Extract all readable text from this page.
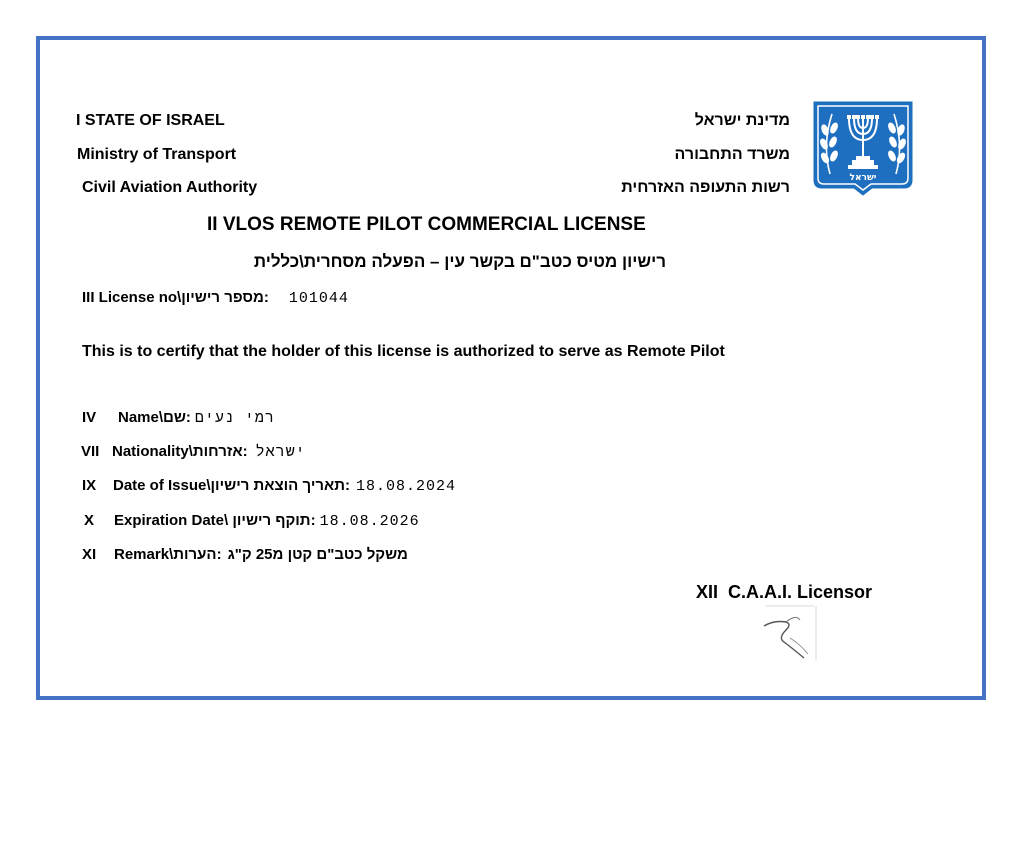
I STATE OF ISRAEL
Ministry of Transport
Civil Aviation Authority
מדינת ישראל
משרד התחבורה
רשות התעופה האזרחית
ישראל
II VLOS REMOTE PILOT COMMERCIAL LICENSE
רישיון מטיס כטב"ם בקשר עין – הפעלה מסחרית\כללית
III License no\מספר רישיון: 101044
This is to certify that the holder of this license is authorized to serve as Remote Pilot
IV	Name\שם: רמי נעים
VII Nationality\אזרחות: ישראל
IX	Date of Issue\תאריך הוצאת רישיון: 18.08.2024
X	Expiration Date\ תוקף רישיון: 18.08.2026
XI	Remark\הערות: משקל כטב"ם קטן מ25 ק"ג
XII  C.A.A.I. Licensor
